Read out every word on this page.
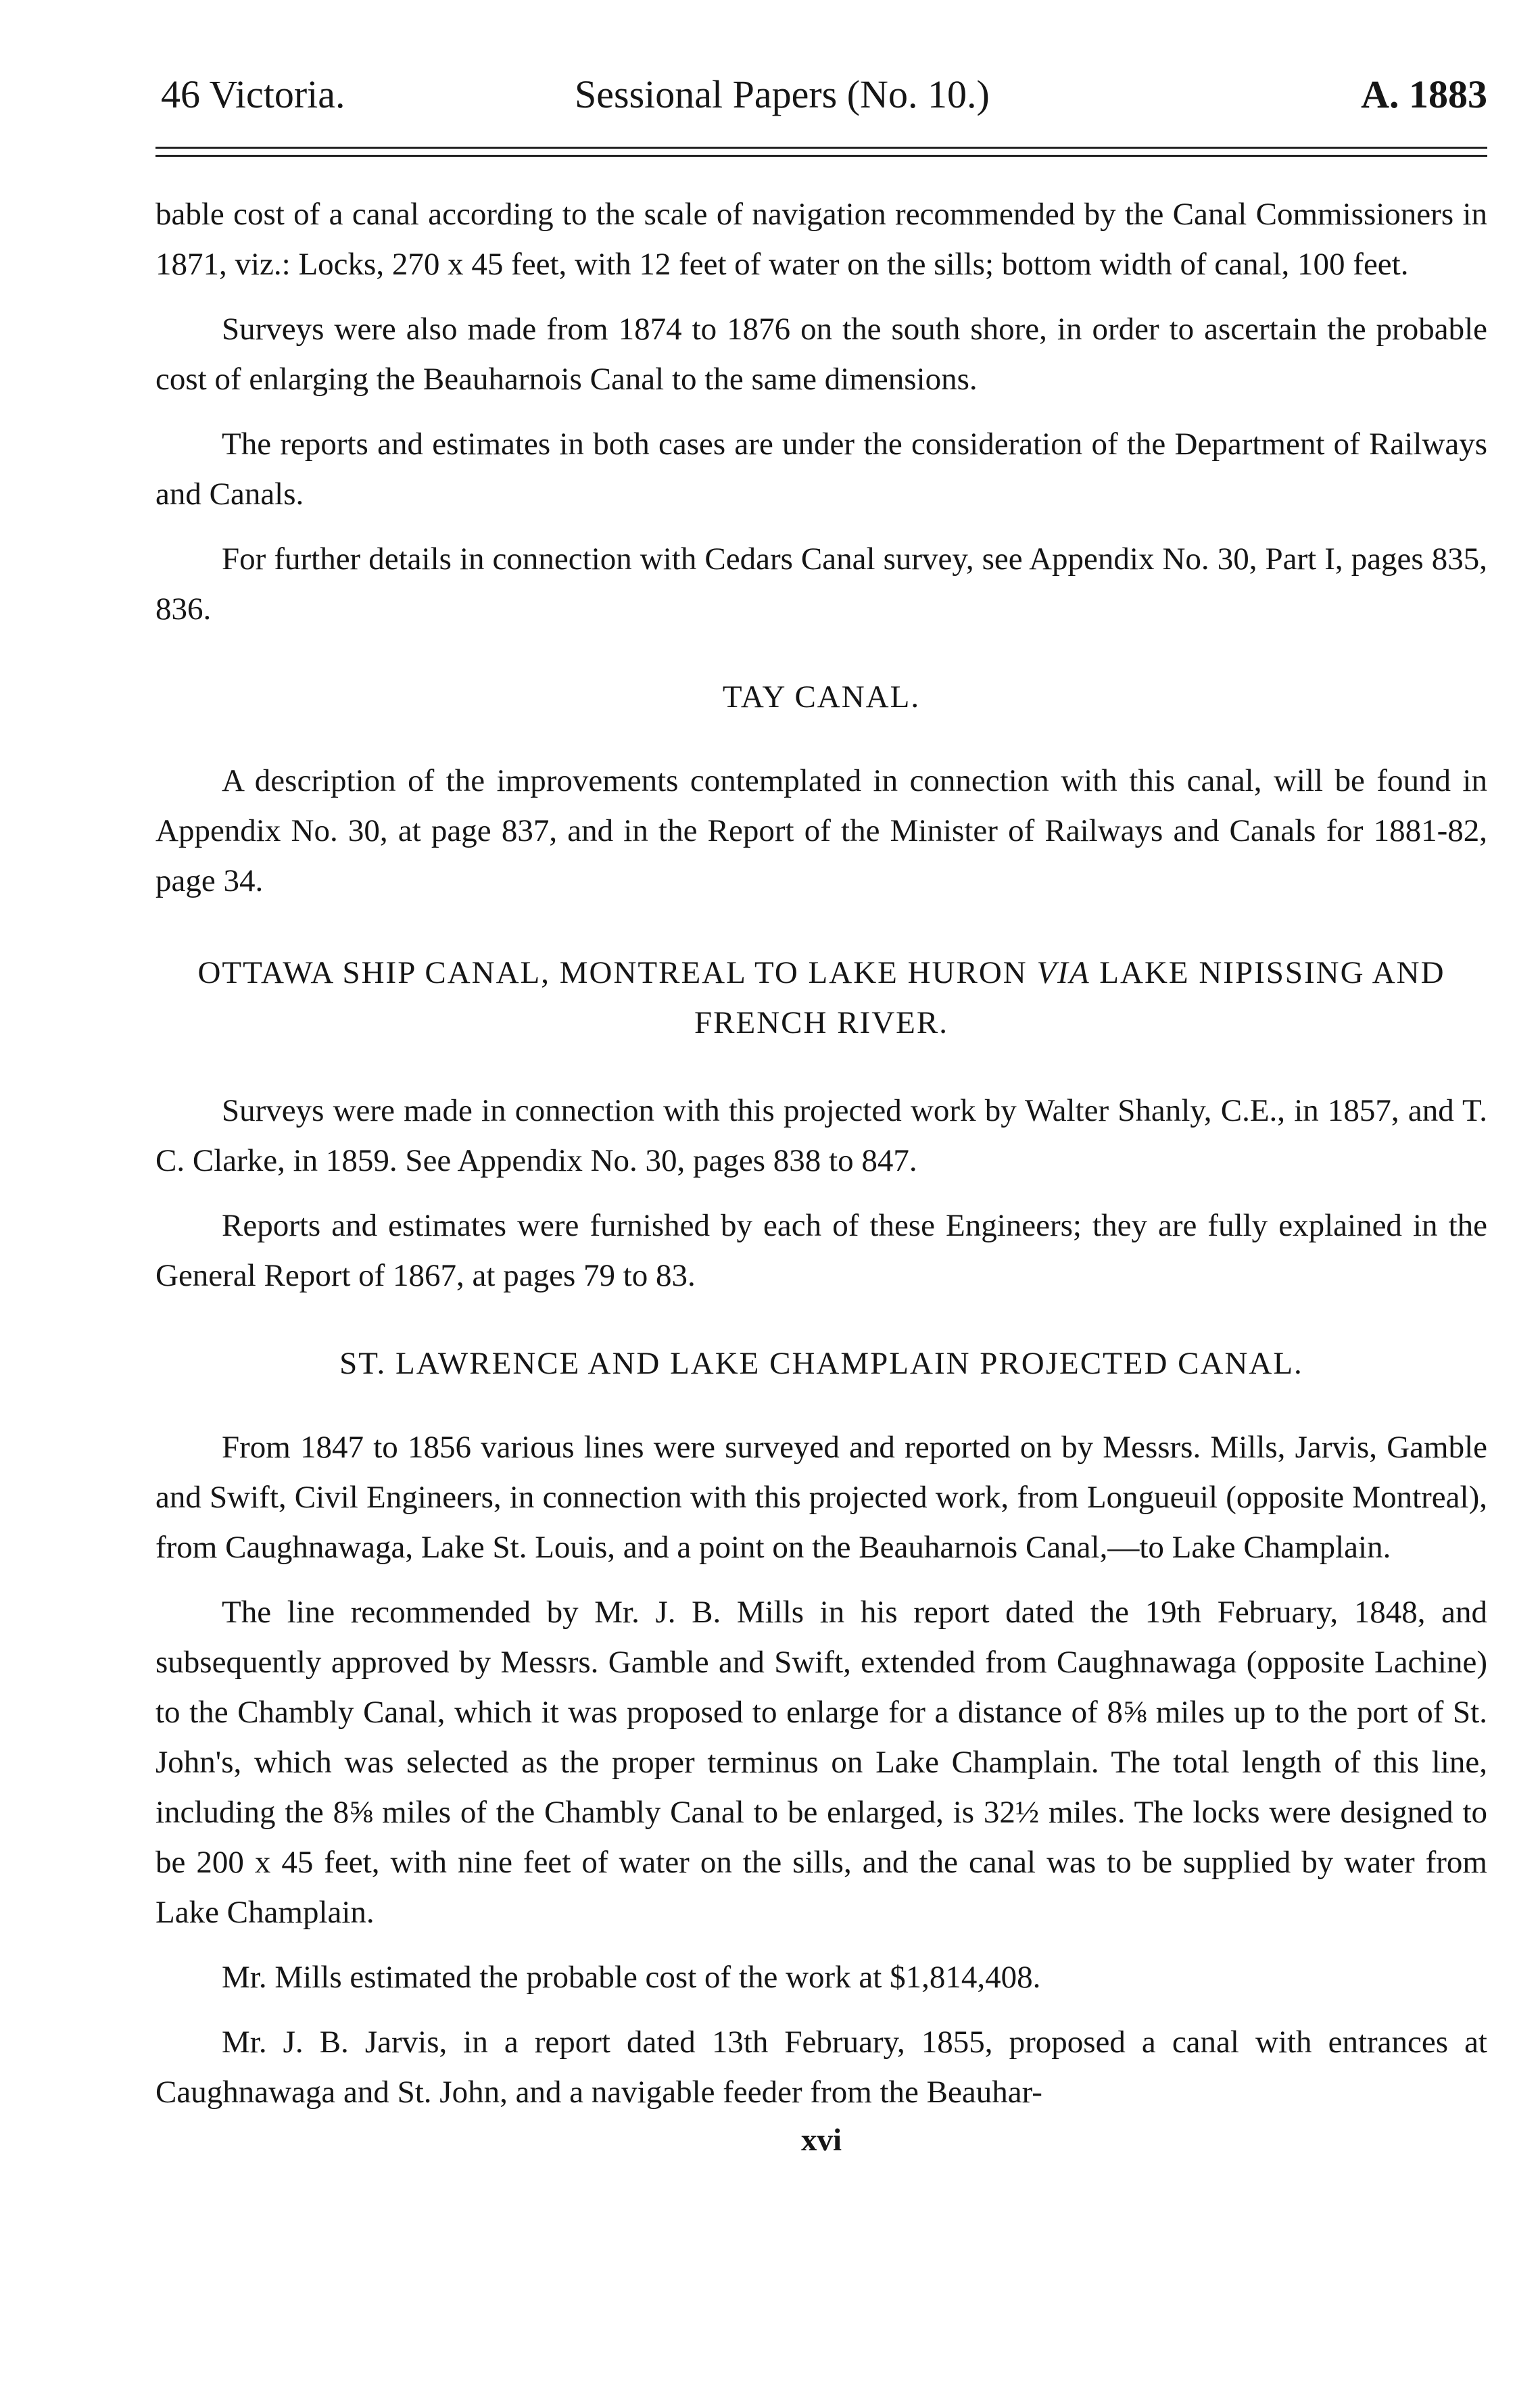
46 Victoria.	Sessional Papers (No. 10.)	A. 1883

bable cost of a canal according to the scale of navigation recommended by the Canal Commissioners in 1871, viz.: Locks, 270 x 45 feet, with 12 feet of water on the sills; bottom width of canal, 100 feet.

Surveys were also made from 1874 to 1876 on the south shore, in order to ascertain the probable cost of enlarging the Beauharnois Canal to the same dimensions.

The reports and estimates in both cases are under the consideration of the Department of Railways and Canals.

For further details in connection with Cedars Canal survey, see Appendix No. 30, Part I, pages 835, 836.

TAY CANAL.

A description of the improvements contemplated in connection with this canal, will be found in Appendix No. 30, at page 837, and in the Report of the Minister of Railways and Canals for 1881-82, page 34.

OTTAWA SHIP CANAL, MONTREAL TO LAKE HURON VIA LAKE NIPISSING AND FRENCH RIVER.

Surveys were made in connection with this projected work by Walter Shanly, C.E., in 1857, and T. C. Clarke, in 1859. See Appendix No. 30, pages 838 to 847.

Reports and estimates were furnished by each of these Engineers; they are fully explained in the General Report of 1867, at pages 79 to 83.

ST. LAWRENCE AND LAKE CHAMPLAIN PROJECTED CANAL.

From 1847 to 1856 various lines were surveyed and reported on by Messrs. Mills, Jarvis, Gamble and Swift, Civil Engineers, in connection with this projected work, from Longueuil (opposite Montreal), from Caughnawaga, Lake St. Louis, and a point on the Beauharnois Canal,—to Lake Champlain.

The line recommended by Mr. J. B. Mills in his report dated the 19th February, 1848, and subsequently approved by Messrs. Gamble and Swift, extended from Caughnawaga (opposite Lachine) to the Chambly Canal, which it was proposed to enlarge for a distance of 8⅝ miles up to the port of St. John's, which was selected as the proper terminus on Lake Champlain. The total length of this line, including the 8⅝ miles of the Chambly Canal to be enlarged, is 32½ miles. The locks were designed to be 200 x 45 feet, with nine feet of water on the sills, and the canal was to be supplied by water from Lake Champlain.

Mr. Mills estimated the probable cost of the work at $1,814,408.

Mr. J. B. Jarvis, in a report dated 13th February, 1855, proposed a canal with entrances at Caughnawaga and St. John, and a navigable feeder from the Beauhar-

xvi
